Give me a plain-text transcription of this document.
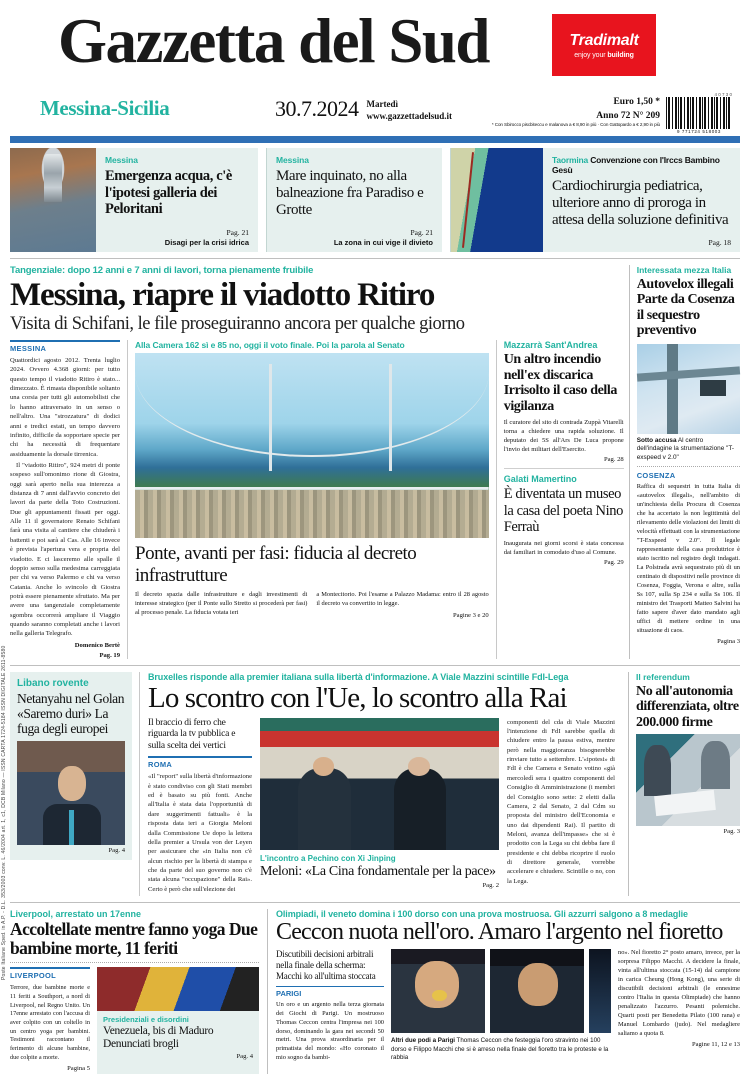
Poste Italiane Sped. in A.P. - D.L. 353/2003 conv. L. 46/2004 art. 1, c1, DCB Milano — ISSN CARTA 1724-5184 ISSN DIGITALE 2611-8580
Gazzetta del Sud	Tradimalt
enjoy your building
Messina-Sicilia	30.7.2024 Martedì
www.gazzettadelsud.it
Euro 1,50 *
Anno 72 N° 209
* Con Sbirocco piscbiteccu e malanova a € 8,90 in più · Con Gattopardo a € 2,90 in più
4 0 7 3 0
9 771724 518003
Messina
Emergenza acqua, c'è l'ipotesi galleria dei Peloritani
Pag. 21
Disagi per la crisi idrica
Messina
Mare inquinato, no alla balneazione fra Paradiso e Grotte
Pag. 21
La zona in cui vige il divieto
Taormina Convenzione con l'Irccs Bambino Gesù
Cardiochirurgia pediatrica, ulteriore anno di proroga in attesa della soluzione definitiva
Pag. 18
Tangenziale: dopo 12 anni e 7 anni di lavori, torna pienamente fruibile
Messina, riapre il viadotto Ritiro
Visita di Schifani, le file proseguiranno ancora per qualche giorno
MESSINA

Quattordici agosto 2012. Trenta luglio 2024. Ovvero 4.368 giorni: per tutto questo tempo il viadotto Ritiro è stato... dimezzato. È rimasta disponibile soltanto una corsia per tutti gli automobilisti che lo hanno attraversato in un senso o nell'altro. Una "strozzatura" di dodici anni e tredici estati, un tempo davvero infinito, difficile da sopportare specie per chi ha necessità di frequentare assiduamente la dorsale tirrenica.

Il "viadotto Ritiro", 924 metri di ponte sospeso sull'omonimo rione di Giostra, oggi sarà aperto nella sua interezza a distanza di 7 anni dall'avvio concreto dei lavori da parte della Toto Costruzioni. Due gli appuntamenti fissati per oggi. Alle 11 il governatore Renato Schifani farà una visita al cantiere che chiuderà i battenti e poi sarà al Cas. Alle 16 invece è prevista l'apertura vera e propria del viadotto. E ci lasceremo alle spalle il doppio senso sulla medesima carreggiata per chi va verso Palermo e chi va verso Catania. Anche lo svincolo di Giostra potrà essere pienamente sfruttato. Ma per avere una tangenziale completamente sgombra occorrerà ampliare il Viaggio quando saranno completati anche i lavori nella galleria Telegrafo.

Domenico Bertè
Pag. 19
Alla Camera 162 sì e 85 no, oggi il voto finale. Poi la parola al Senato
Ponte, avanti per fasi: fiducia al decreto infrastrutture
Il decreto spazia dalle infrastrutture e dagli investimenti di interesse strategico (per il Ponte sullo Stretto si procederà per fasi) al processo penale. La fiducia votata ieri
a Montecitorio. Poi l'esame a Palazzo Madama: entro il 28 agosto il decreto va convertito in legge.
Pagine 3 e 20
Mazzarrà Sant'Andrea
Un altro incendio nell'ex discarica Irrisolto il caso della vigilanza
Il curatore del sito di contrada Zuppà Vitarelli torna a chiedere una rapida soluzione. Il deputato dei 5S all'Ars De Luca propone l'invio dei militari dell'Esercito.
Pag. 28
Galati Mamertino
È diventata un museo la casa del poeta Nino Ferraù
Inaugurata nei giorni scorsi è stata concessa dai familiari in comodato d'uso al Comune.
Pag. 29
Interessata mezza Italia
Autovelox illegali Parte da Cosenza il sequestro preventivo
Sotto accusa Al centro dell'indagine la strumentazione "T-exspeed v 2.0"
COSENZA
Raffica di sequestri in tutta Italia di «autovelox illegali», nell'ambito di un'inchiesta della Procura di Cosenza che ha accertato la non legittimità del rilevamento delle violazioni dei limiti di velocità effettuati con la strumentazione "T-Exspeed v 2.0". Il legale rappresentante della casa produttrice è stato iscritto nel registro degli indagati. La Polstrada avrà sequestrato più di un centinaio di dispositivi nelle province di Cosenza, Foggia, Verona e altre, sulla Ss 107, sulla Sp 234 e sulla Ss 106. Il ministro dei Trasporti Matteo Salvini ha fatto sapere d'aver dato mandato agli uffici di mettere ordine in una situazione di caos.
Pagina 3
Libano rovente
Netanyahu nel Golan «Saremo duri» La fuga degli europei
Pag. 4
Bruxelles risponde alla premier italiana sulla libertà d'informazione. A Viale Mazzini scintille FdI-Lega
Lo scontro con l'Ue, lo scontro alla Rai
Il braccio di ferro che riguarda la tv pubblica e sulla scelta dei vertici
ROMA

«Il "report" sulla libertà d'informazione è stato condiviso con gli Stati membri ed è basato su più fonti. Anche all'Italia è stata data l'opportunità di dare suggerimenti fattuali» è la risposta data ieri a Giorgia Meloni dalla Commissione Ue dopo la lettera della premier a Ursula von der Leyen per assicurare che «in Italia non c'è alcun rischio per la libertà di stampa e che da parte del suo governo non c'è stata alcuna "occupazione" della Rai». Certo è però che sull'elezione dei

L'incontro a Pechino con Xi Jinping
Meloni: «La Cina fondamentale per la pace»
Pag. 2

componenti del cda di Viale Mazzini l'intenzione di FdI sarebbe quella di chiudere entro la pausa estiva, mentre però nella maggioranza bisognerebbe rinviare tutto a settembre. L'«ipotesi» di FdI è che Camera e Senato votino «già mercoledì sera i quattro componenti del Consiglio di Amministrazione (i membri del Consiglio sono sette: 2 eletti dalla Camera, 2 dal Senato, 2 dal Cdm su proposta del ministro dell'Economia e uno dai dipendenti Rai). Il partito di Meloni, avanza dell'impasse» che si è prodotto con la Lega su chi debba fare il presidente e chi debba ricoprire il ruolo di direttore generale, vorrebbe accelerare e chiudere. Scintille o no, con la Lega.

Il referendum
No all'autonomia differenziata, oltre 200.000 firme
Pag. 3
Liverpool, arrestato un 17enne
Accoltellate mentre fanno yoga Due bambine morte, 11 feriti
LIVERPOOL
Terrore, due bambine morte e 11 feriti a Southport, a nord di Liverpool, nel Regno Unito. Un 17enne arrestato con l'accusa di aver colpito con un coltello in un centro yoga per bambini. Testimoni raccontano il ferimento di alcune bambine, due colpite a morte.
Pagina 5
Presidenziali e disordini
Venezuela, bis di Maduro Denunciati brogli
Pag. 4
Olimpiadi, il veneto domina i 100 dorso con una prova mostruosa. Gli azzurri salgono a 8 medaglie
Ceccon nuota nell'oro. Amaro l'argento nel fioretto
Discutibili decisioni arbitrali nella finale della scherma: Macchi ko all'ultima stoccata
PARIGI
Un oro e un argento nella terza giornata dei Giochi di Parigi. Un mostruoso Thomas Ceccon centra l'impresa nei 100 dorso, dominando la gara nei secondi 50 metri. Una prova straordinaria per il primatista del mondo: «Ho coronato il mio sogno da bambi-
Altri due podi a Parigi Thomas Ceccon che festeggia l'oro stravinto nei 100 dorso e Filippo Macchi che si è arreso nella finale del fioretto tra le proteste e la rabbia
no». Nel fioretto 2° posto amaro, invece, per la sorpresa Filippo Macchi. A decidere la finale, vinta all'ultima stoccata (15-14) dal campione in carica Cheung (Hong Kong), una serie di discutibili decisioni arbitrali (le ennesime contro l'Italia in questa Olimpiade) che hanno penalizzato l'azzurro. Pesanti polemiche. Quarti posti per Benedetta Pilato (100 rana) e Manuel Lombardo (judo). Nel medagliere saliamo a quota 8.
Pagine 11, 12 e 13
